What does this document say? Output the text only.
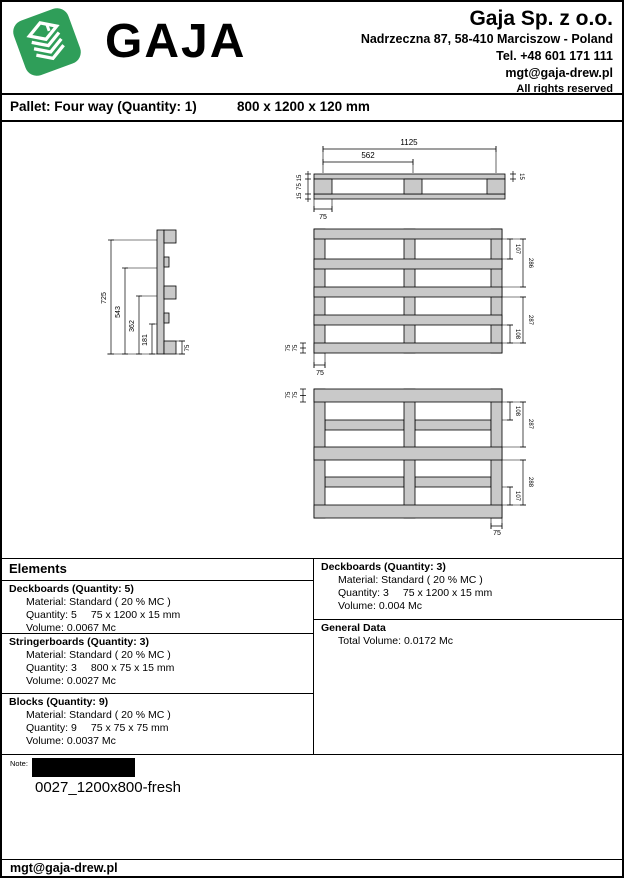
GAJA	Gaja Sp. z o.o.
Nadrzeczna 87, 58-410 Marciszow - Poland
Tel. +48 601 171 111
mgt@gaja-drew.pl
All rights reserved
Pallet: Four way (Quantity: 1)	800 x 1200 x 120 mm
1125
562
15
75
15
15
75
725
543
362
181
75
107
286
287
108
75 75
75
75 75
108
287
288
107
75
Elements
Deckboards (Quantity: 5)
Material: Standard ( 20 % MC )
Quantity: 5 75 x 1200 x 15 mm
Volume: 0.0067 Mc
Stringerboards (Quantity: 3)
Material: Standard ( 20 % MC )
Quantity: 3 800 x 75 x 15 mm
Volume: 0.0027 Mc
Blocks (Quantity: 9)
Material: Standard ( 20 % MC )
Quantity: 9 75 x 75 x 75 mm
Volume: 0.0037 Mc
Deckboards (Quantity: 3)
Material: Standard ( 20 % MC )
Quantity: 3 75 x 1200 x 15 mm
Volume: 0.004 Mc
General Data
Total Volume: 0.0172 Mc
Note:
0027_1200x800-fresh
mgt@gaja-drew.pl
